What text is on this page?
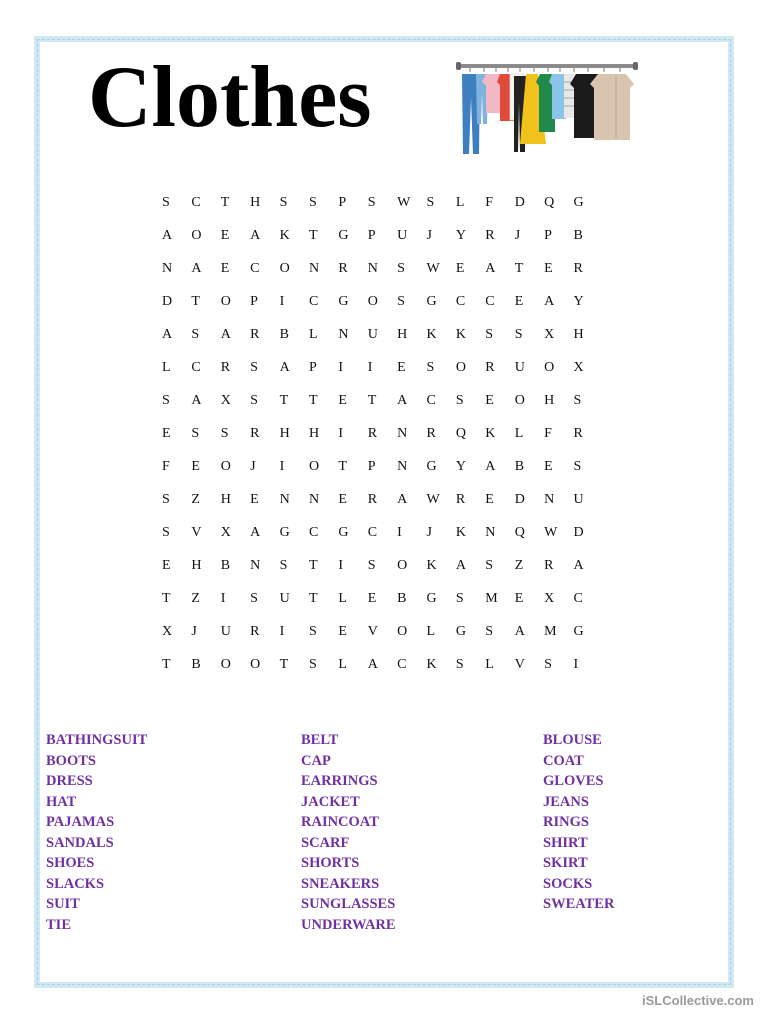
Clothes
S	C	T	H	S	S	P	S	W	S	L	F	D	Q	G
A	O	E	A	K	T	G	P	U	J	Y	R	J	P	B
N	A	E	C	O	N	R	N	S	W	E	A	T	E	R
D	T	O	P	I	C	G	O	S	G	C	C	E	A	Y
A	S	A	R	B	L	N	U	H	K	K	S	S	X	H
L	C	R	S	A	P	I	I	E	S	O	R	U	O	X
S	A	X	S	T	T	E	T	A	C	S	E	O	H	S
E	S	S	R	H	H	I	R	N	R	Q	K	L	F	R
F	E	O	J	I	O	T	P	N	G	Y	A	B	E	S
S	Z	H	E	N	N	E	R	A	W	R	E	D	N	U
S	V	X	A	G	C	G	C	I	J	K	N	Q	W	D
E	H	B	N	S	T	I	S	O	K	A	S	Z	R	A
T	Z	I	S	U	T	L	E	B	G	S	M	E	X	C
X	J	U	R	I	S	E	V	O	L	G	S	A	M	G
T	B	O	O	T	S	L	A	C	K	S	L	V	S	I
BATHINGSUIT
BOOTS
DRESS
HAT
PAJAMAS
SANDALS
SHOES
SLACKS
SUIT
TIE
BELT
CAP
EARRINGS
JACKET
RAINCOAT
SCARF
SHORTS
SNEAKERS
SUNGLASSES
UNDERWARE
BLOUSE
COAT
GLOVES
JEANS
RINGS
SHIRT
SKIRT
SOCKS
SWEATER
iSLCollective.com
